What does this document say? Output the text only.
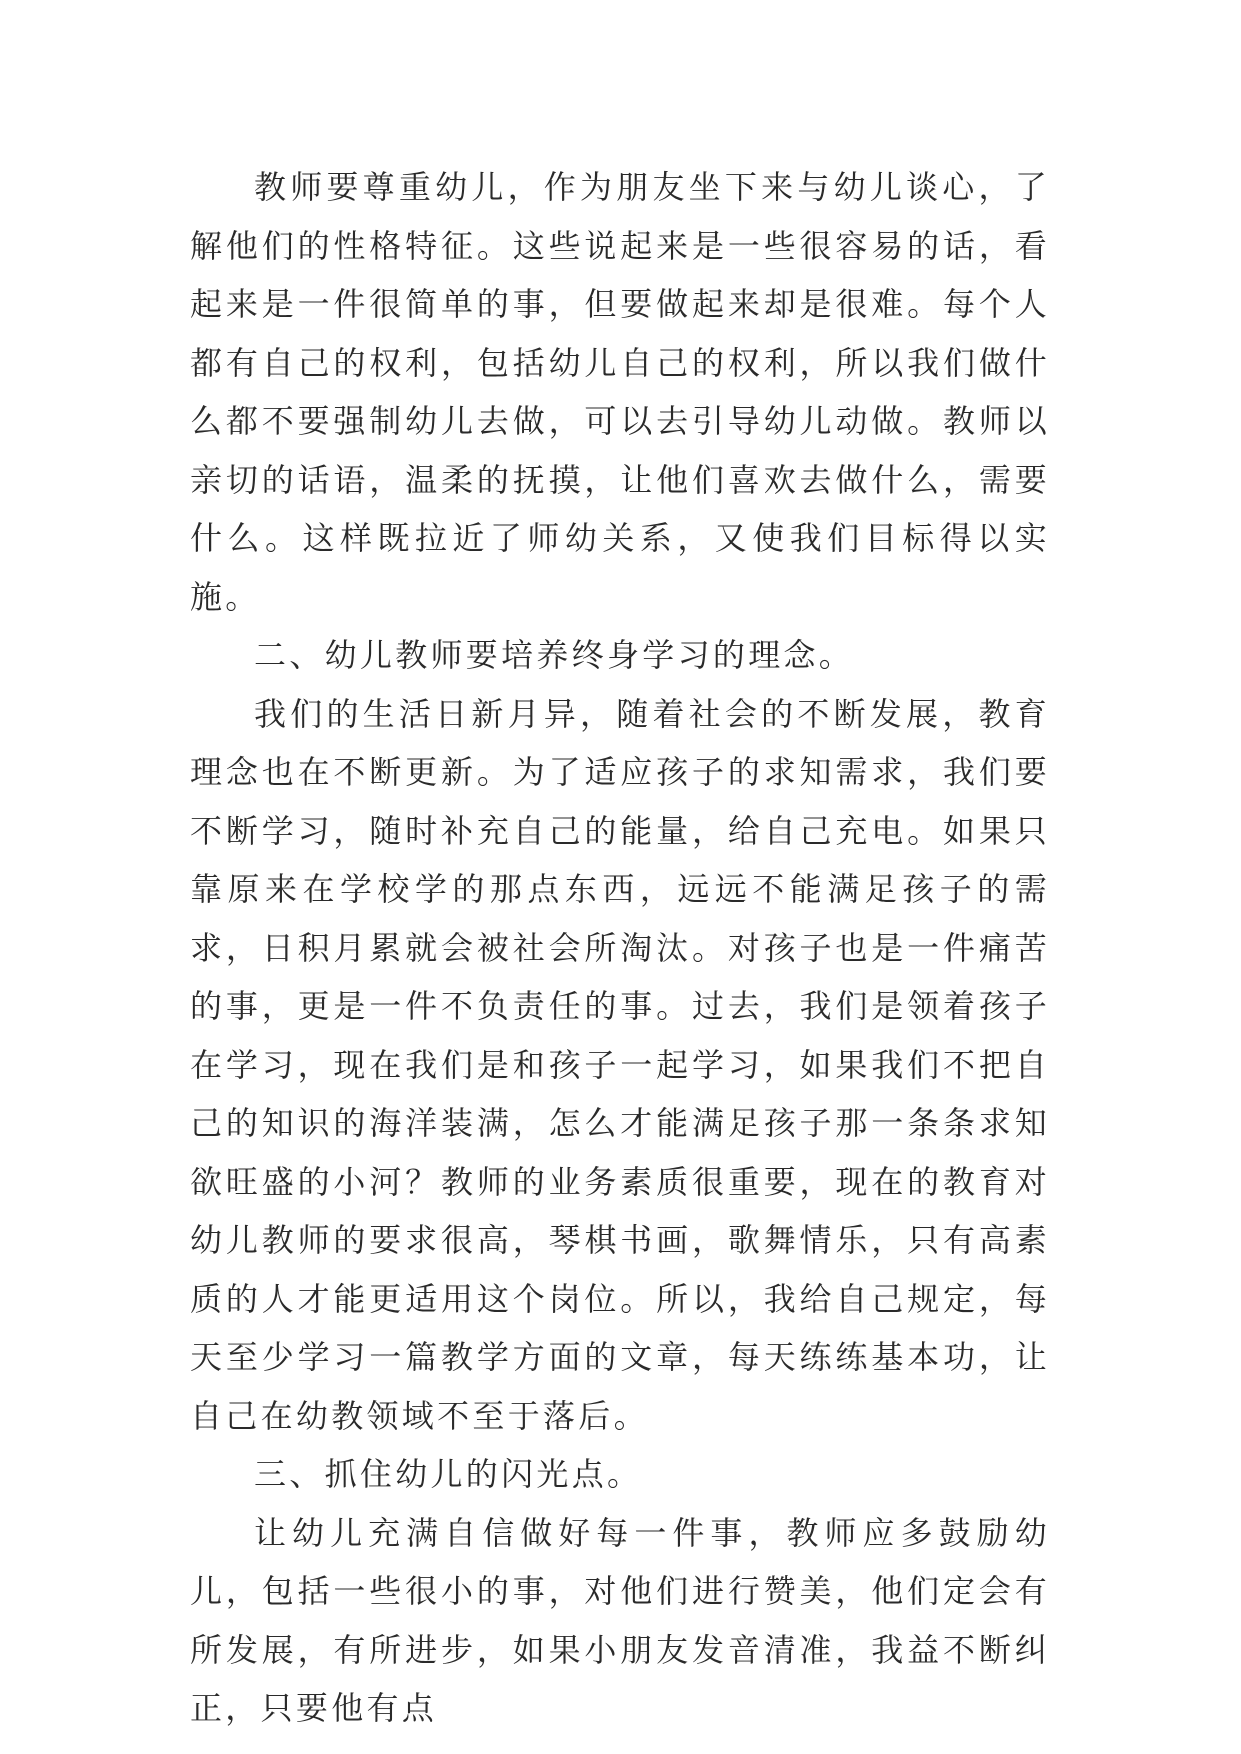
教师要尊重幼儿，作为朋友坐下来与幼儿谈心，了解他们的性格特征。这些说起来是一些很容易的话，看起来是一件很简单的事，但要做起来却是很难。每个人都有自己的权利，包括幼儿自己的权利，所以我们做什么都不要强制幼儿去做，可以去引导幼儿动做。教师以亲切的话语，温柔的抚摸，让他们喜欢去做什么，需要什么。这样既拉近了师幼关系，又使我们目标得以实施。

二、幼儿教师要培养终身学习的理念。

我们的生活日新月异，随着社会的不断发展，教育理念也在不断更新。为了适应孩子的求知需求，我们要不断学习，随时补充自己的能量，给自己充电。如果只靠原来在学校学的那点东西，远远不能满足孩子的需求，日积月累就会被社会所淘汰。对孩子也是一件痛苦的事，更是一件不负责任的事。过去，我们是领着孩子在学习，现在我们是和孩子一起学习，如果我们不把自己的知识的海洋装满，怎么才能满足孩子那一条条求知欲旺盛的小河？教师的业务素质很重要，现在的教育对幼儿教师的要求很高，琴棋书画，歌舞情乐，只有高素质的人才能更适用这个岗位。所以，我给自己规定，每天至少学习一篇教学方面的文章，每天练练基本功，让自己在幼教领域不至于落后。

三、抓住幼儿的闪光点。

让幼儿充满自信做好每一件事，教师应多鼓励幼儿，包括一些很小的事，对他们进行赞美，他们定会有所发展，有所进步，如果小朋友发音清准，我益不断纠正，只要他有点
